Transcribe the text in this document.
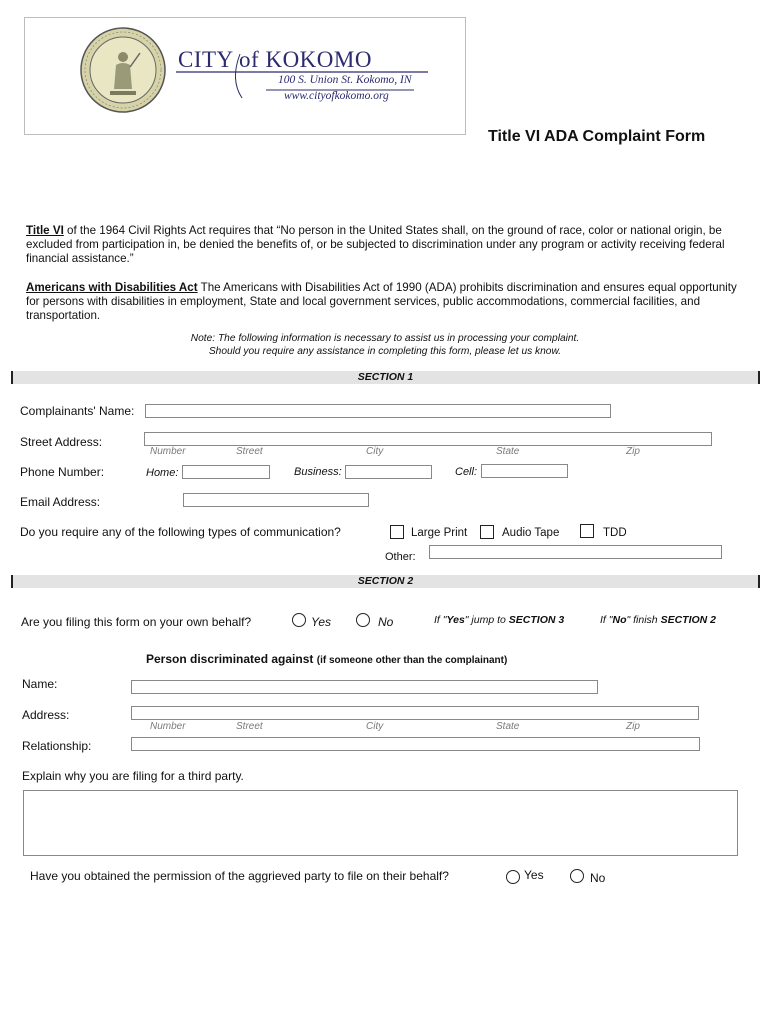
CITY of KOKOMO
100 S. Union St. Kokomo, IN
www.cityofkokomo.org
Title VI ADA Complaint Form

Title VI of the 1964 Civil Rights Act requires that “No person in the United States shall, on the ground of race, color or national origin, be excluded from participation in, be denied the benefits of, or be subjected to discrimination under any program or activity receiving federal financial assistance.”

Americans with Disabilities Act The Americans with Disabilities Act of 1990 (ADA) prohibits discrimination and ensures equal opportunity for persons with disabilities in employment, State and local government services, public accommodations, commercial facilities, and transportation.

Note: The following information is necessary to assist us in processing your complaint.
Should you require any assistance in completing this form, please let us know.
SECTION 1
Complainants' Name:
Street Address:
Number	Street	City	State	Zip
Phone Number:	Home:	Business:	Cell:
Email Address:
Do you require any of the following types of communication?	Large Print	Audio Tape	TDD
Other:
SECTION 2
Are you filing this form on your own behalf?	Yes	No	If "Yes" jump to SECTION 3	If "No" finish SECTION 2
Person discriminated against (if someone other than the complainant)
Name:
Address:
Number	Street	City	State	Zip
Relationship:
Explain why you are filing for a third party.
Have you obtained the permission of the aggrieved party to file on their behalf?	Yes	No
